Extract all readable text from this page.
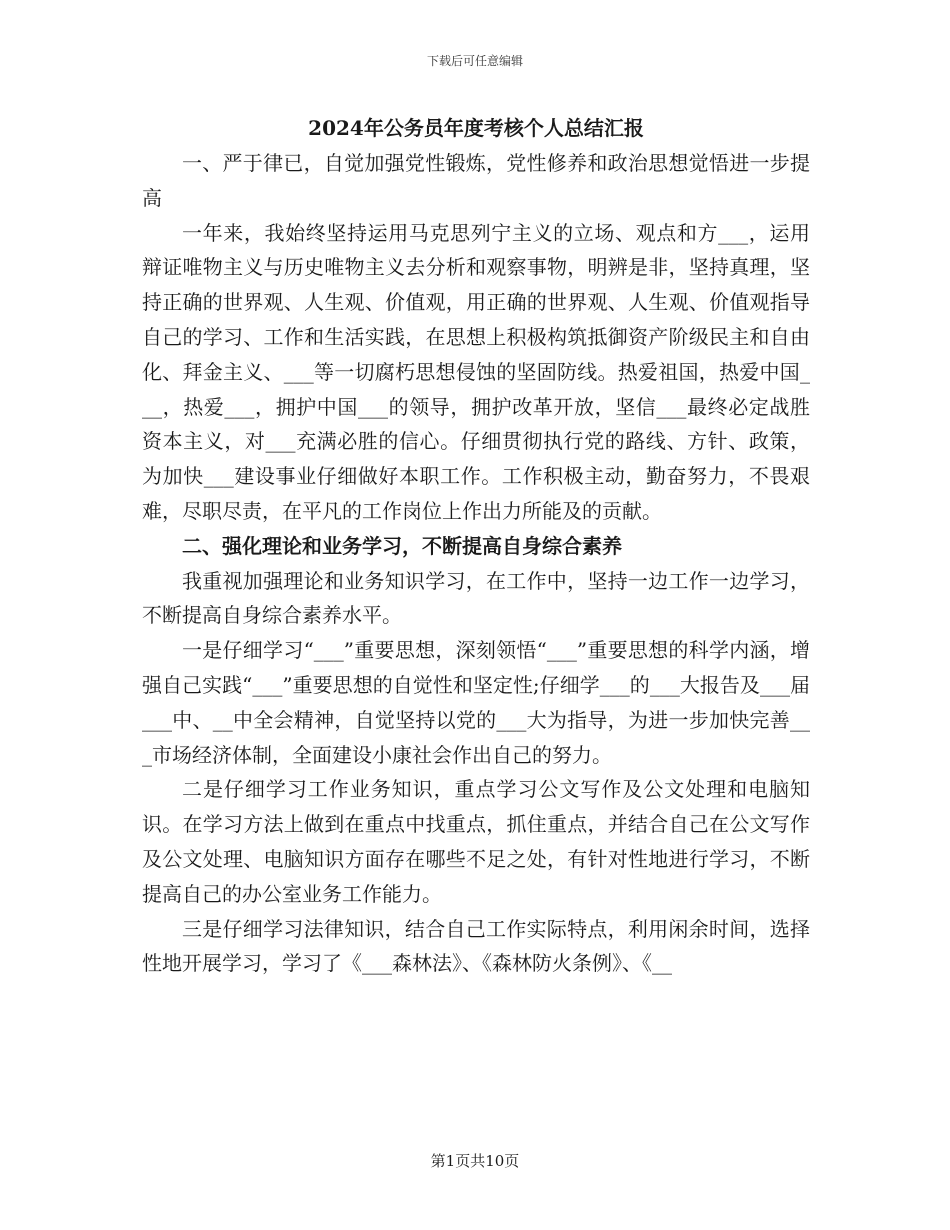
下载后可任意编辑
2024年公务员年度考核个人总结汇报

一、严于律已，自觉加强党性锻炼，党性修养和政治思想觉悟进一步提高

一年来，我始终坚持运用马克思列宁主义的立场、观点和方___，运用辩证唯物主义与历史唯物主义去分析和观察事物，明辨是非，坚持真理，坚持正确的世界观、人生观、价值观，用正确的世界观、人生观、价值观指导自己的学习、工作和生活实践，在思想上积极构筑抵御资产阶级民主和自由化、拜金主义、___等一切腐朽思想侵蚀的坚固防线。热爱祖国，热爱中国___，热爱___，拥护中国___的领导，拥护改革开放，坚信___最终必定战胜资本主义，对___充满必胜的信心。仔细贯彻执行党的路线、方针、政策，为加快___建设事业仔细做好本职工作。工作积极主动，勤奋努力，不畏艰难，尽职尽责，在平凡的工作岗位上作出力所能及的贡献。

二、强化理论和业务学习，不断提高自身综合素养

我重视加强理论和业务知识学习，在工作中，坚持一边工作一边学习，不断提高自身综合素养水平。

一是仔细学习“___”重要思想，深刻领悟“___”重要思想的科学内涵，增强自己实践“___”重要思想的自觉性和坚定性;仔细学___的___大报告及___届___中、__中全会精神，自觉坚持以党的___大为指导，为进一步加快完善___市场经济体制，全面建设小康社会作出自己的努力。

二是仔细学习工作业务知识，重点学习公文写作及公文处理和电脑知识。在学习方法上做到在重点中找重点，抓住重点，并结合自己在公文写作及公文处理、电脑知识方面存在哪些不足之处，有针对性地进行学习，不断提高自己的办公室业务工作能力。

三是仔细学习法律知识，结合自己工作实际特点，利用闲余时间，选择性地开展学习，学习了《___森林法》、《森林防火条例》、《__

第1页共10页
